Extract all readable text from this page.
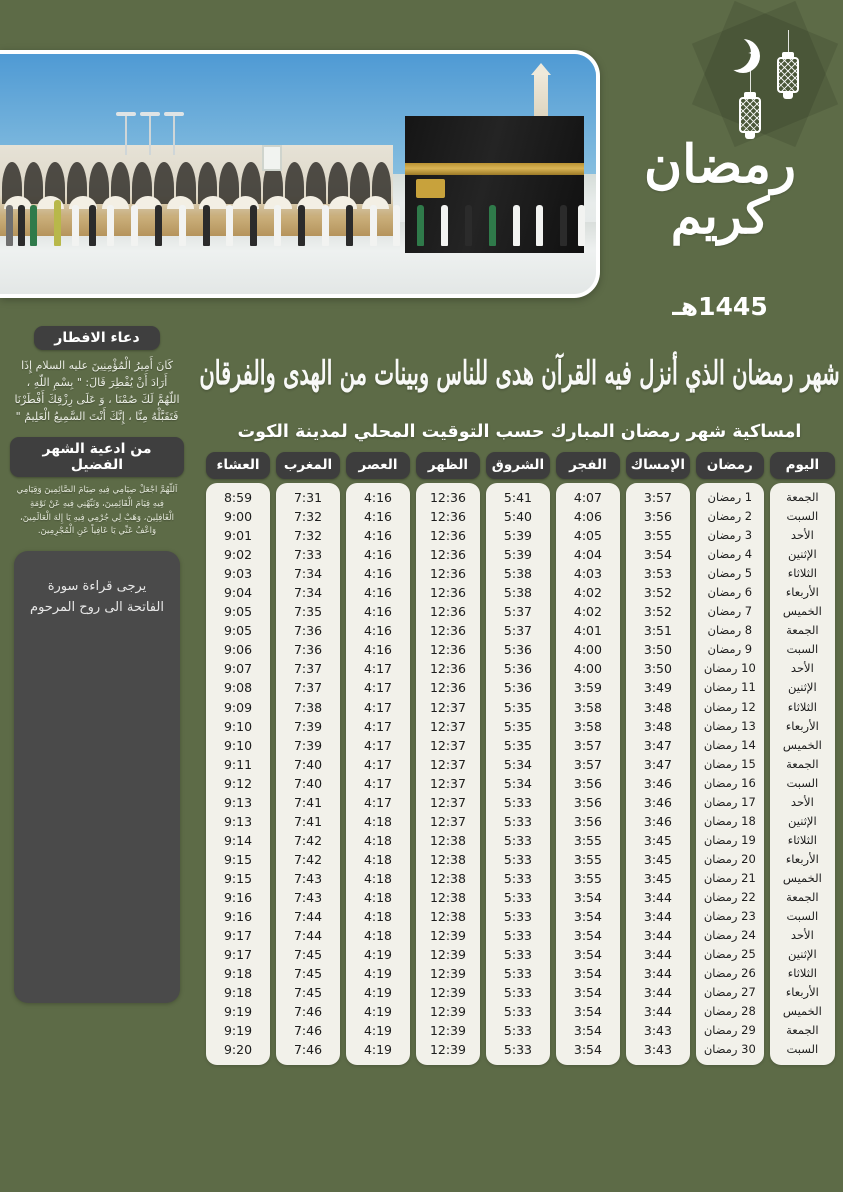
✦
رمضان
كريم
1445هـ
دعاء الافطار
كَانَ أَمِيرُ الْمُؤْمِنِينَ عليه السلام إِذَا أَرَادَ أَنْ يُفْطِرَ قَالَ: " بِسْمِ اللّهِ ، اللّهُمَّ لَكَ صُمْنَا ، وَ عَلَى رِزْقِكَ أَفْطَرْنَا فَتَقَبَّلْهُ مِنَّا ، إِنَّكَ أَنْتَ السَّمِيعُ الْعَلِيمُ "
من ادعية الشهر الفضيل
اَللّهُمَّ اجْعَلْ صِيَامِي فِيهِ صِيَامَ الصَّائِمِينَ وَقِيَامِي فِيهِ قِيَامَ الْقَائِمِينَ، وَنَبِّهْنِي فِيهِ عَنْ نَوْمَةِ الْغَافِلِينَ، وَهَبْ لِي جُرْمِي فِيهِ يَا إِلهَ الْعَالَمِينَ، وَاعْفُ عَنِّي يَا عَافِياً عَنِ الْمُجْرِمِينَ.
يرجى قراءة سورة الفاتحة الى روح المرحوم
شهر رمضان الذي أنزل فيه القرآن هدى للناس وبينات من الهدى والفرقان
امساكية شهر رمضان المبارك حسب التوقيت المحلي لمدينة الكوت
اليوم
الجمعة
السبت
الأحد
الإثنين
الثلاثاء
الأربعاء
الخميس
الجمعة
السبت
الأحد
الإثنين
الثلاثاء
الأربعاء
الخميس
الجمعة
السبت
الأحد
الإثنين
الثلاثاء
الأربعاء
الخميس
الجمعة
السبت
الأحد
الإثنين
الثلاثاء
الأربعاء
الخميس
الجمعة
السبت
رمضان
1 رمضان
2 رمضان
3 رمضان
4 رمضان
5 رمضان
6 رمضان
7 رمضان
8 رمضان
9 رمضان
10 رمضان
11 رمضان
12 رمضان
13 رمضان
14 رمضان
15 رمضان
16 رمضان
17 رمضان
18 رمضان
19 رمضان
20 رمضان
21 رمضان
22 رمضان
23 رمضان
24 رمضان
25 رمضان
26 رمضان
27 رمضان
28 رمضان
29 رمضان
30 رمضان
الإمساك
3:57
3:56
3:55
3:54
3:53
3:52
3:52
3:51
3:50
3:50
3:49
3:48
3:48
3:47
3:47
3:46
3:46
3:46
3:45
3:45
3:45
3:44
3:44
3:44
3:44
3:44
3:44
3:44
3:43
3:43
الفجر
4:07
4:06
4:05
4:04
4:03
4:02
4:02
4:01
4:00
4:00
3:59
3:58
3:58
3:57
3:57
3:56
3:56
3:56
3:55
3:55
3:55
3:54
3:54
3:54
3:54
3:54
3:54
3:54
3:54
3:54
الشروق
5:41
5:40
5:39
5:39
5:38
5:38
5:37
5:37
5:36
5:36
5:36
5:35
5:35
5:35
5:34
5:34
5:33
5:33
5:33
5:33
5:33
5:33
5:33
5:33
5:33
5:33
5:33
5:33
5:33
5:33
الظهر
12:36
12:36
12:36
12:36
12:36
12:36
12:36
12:36
12:36
12:36
12:36
12:37
12:37
12:37
12:37
12:37
12:37
12:37
12:38
12:38
12:38
12:38
12:38
12:39
12:39
12:39
12:39
12:39
12:39
12:39
العصر
4:16
4:16
4:16
4:16
4:16
4:16
4:16
4:16
4:16
4:17
4:17
4:17
4:17
4:17
4:17
4:17
4:17
4:18
4:18
4:18
4:18
4:18
4:18
4:18
4:19
4:19
4:19
4:19
4:19
4:19
المغرب
7:31
7:32
7:32
7:33
7:34
7:34
7:35
7:36
7:36
7:37
7:37
7:38
7:39
7:39
7:40
7:40
7:41
7:41
7:42
7:42
7:43
7:43
7:44
7:44
7:45
7:45
7:45
7:46
7:46
7:46
العشاء
8:59
9:00
9:01
9:02
9:03
9:04
9:05
9:05
9:06
9:07
9:08
9:09
9:10
9:10
9:11
9:12
9:13
9:13
9:14
9:15
9:15
9:16
9:16
9:17
9:17
9:18
9:18
9:19
9:19
9:20
